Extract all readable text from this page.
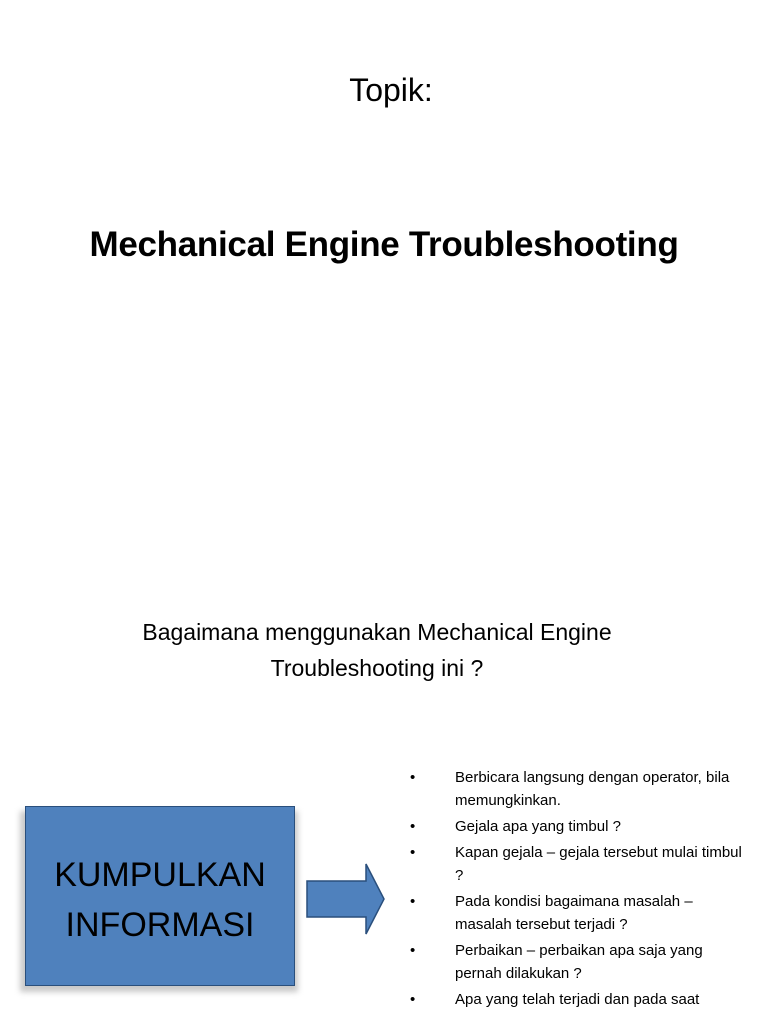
Topik:
Mechanical Engine Troubleshooting
Bagaimana menggunakan Mechanical Engine Troubleshooting ini ?
KUMPULKAN
INFORMASI
•	Berbicara langsung dengan operator, bila memungkinkan.
•	Gejala apa yang timbul ?
•	Kapan gejala – gejala tersebut mulai timbul ?
•	Pada kondisi bagaimana masalah – masalah tersebut terjadi ?
•	Perbaikan – perbaikan apa saja yang pernah dilakukan ?
•	Apa yang telah terjadi dan pada saat
